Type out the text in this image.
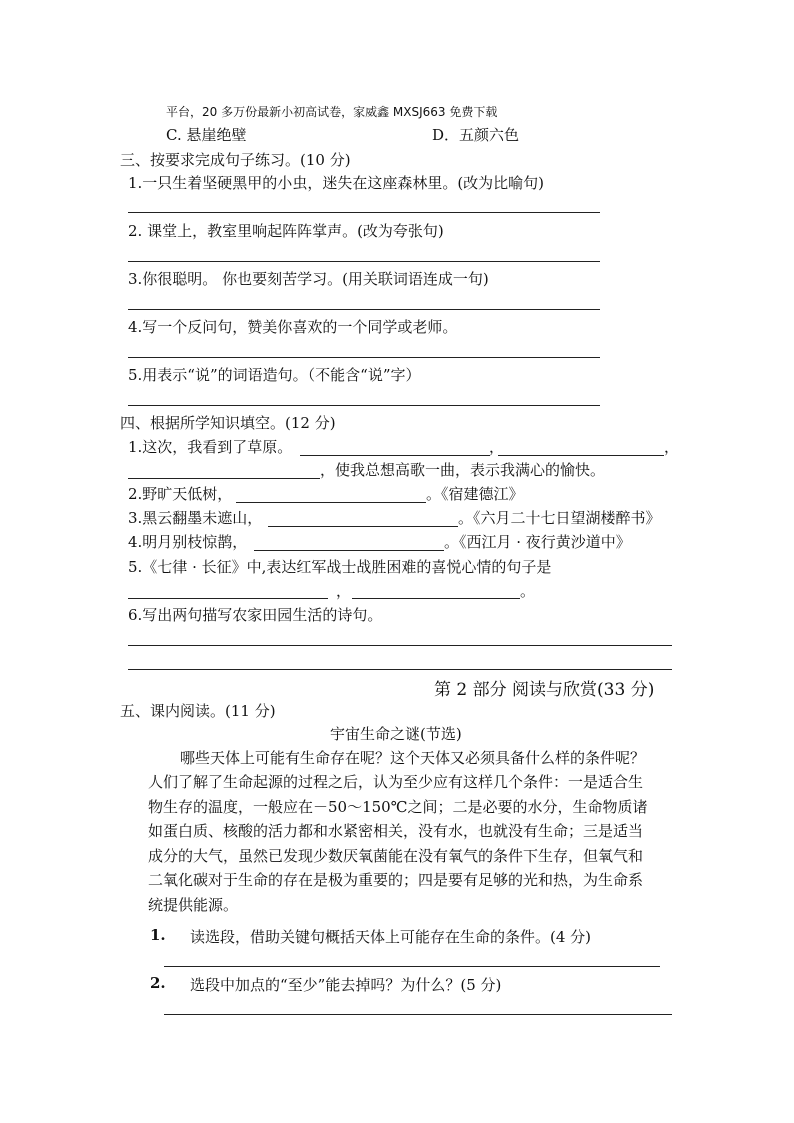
平台，20 多万份最新小初高试卷，家威鑫 MXSJ663 免费下载
C. 悬崖绝壁	D．五颜六色
三、按要求完成句子练习。(10 分)
1.一只生着坚硬黑甲的小虫，迷失在这座森林里。(改为比喻句)
2. 课堂上，教室里响起阵阵掌声。(改为夸张句)
3.你很聪明。 你也要刻苦学习。(用关联词语连成一句)
4.写一个反问句，赞美你喜欢的一个同学或老师。
5.用表示“说”的词语造句。（不能含“说”字）
四、根据所学知识填空。(12 分)
1.这次，我看到了草原。	，	，
，使我总想高歌一曲，表示我满心的愉快。
2.野旷天低树，	。《宿建德江》
3.黑云翻墨未遮山，	。《六月二十七日望湖楼醉书》
4.明月别枝惊鹊，	。《西江月 · 夜行黄沙道中》
5.《七律 · 长征》中,表达红军战士战胜困难的喜悦心情的句子是
，	。
6.写出两句描写农家田园生活的诗句。
第 2 部分 阅读与欣赏(33 分)
五、课内阅读。(11 分)
宇宙生命之谜(节选)
哪些天体上可能有生命存在呢？这个天体又必须具备什么样的条件呢？
人们了解了生命起源的过程之后，认为至少应有这样几个条件：一是适合生
物生存的温度，一般应在－50～150℃之间；二是必要的水分，生命物质诸
如蛋白质、核酸的活力都和水紧密相关，没有水，也就没有生命；三是适当
成分的大气，虽然已发现少数厌氧菌能在没有氧气的条件下生存，但氧气和
二氧化碳对于生命的存在是极为重要的；四是要有足够的光和热，为生命系
统提供能源。
1. 读选段，借助关键句概括天体上可能存在生命的条件。(4 分)
2. 选段中加点的“至少”能去掉吗？为什么？(5 分)
